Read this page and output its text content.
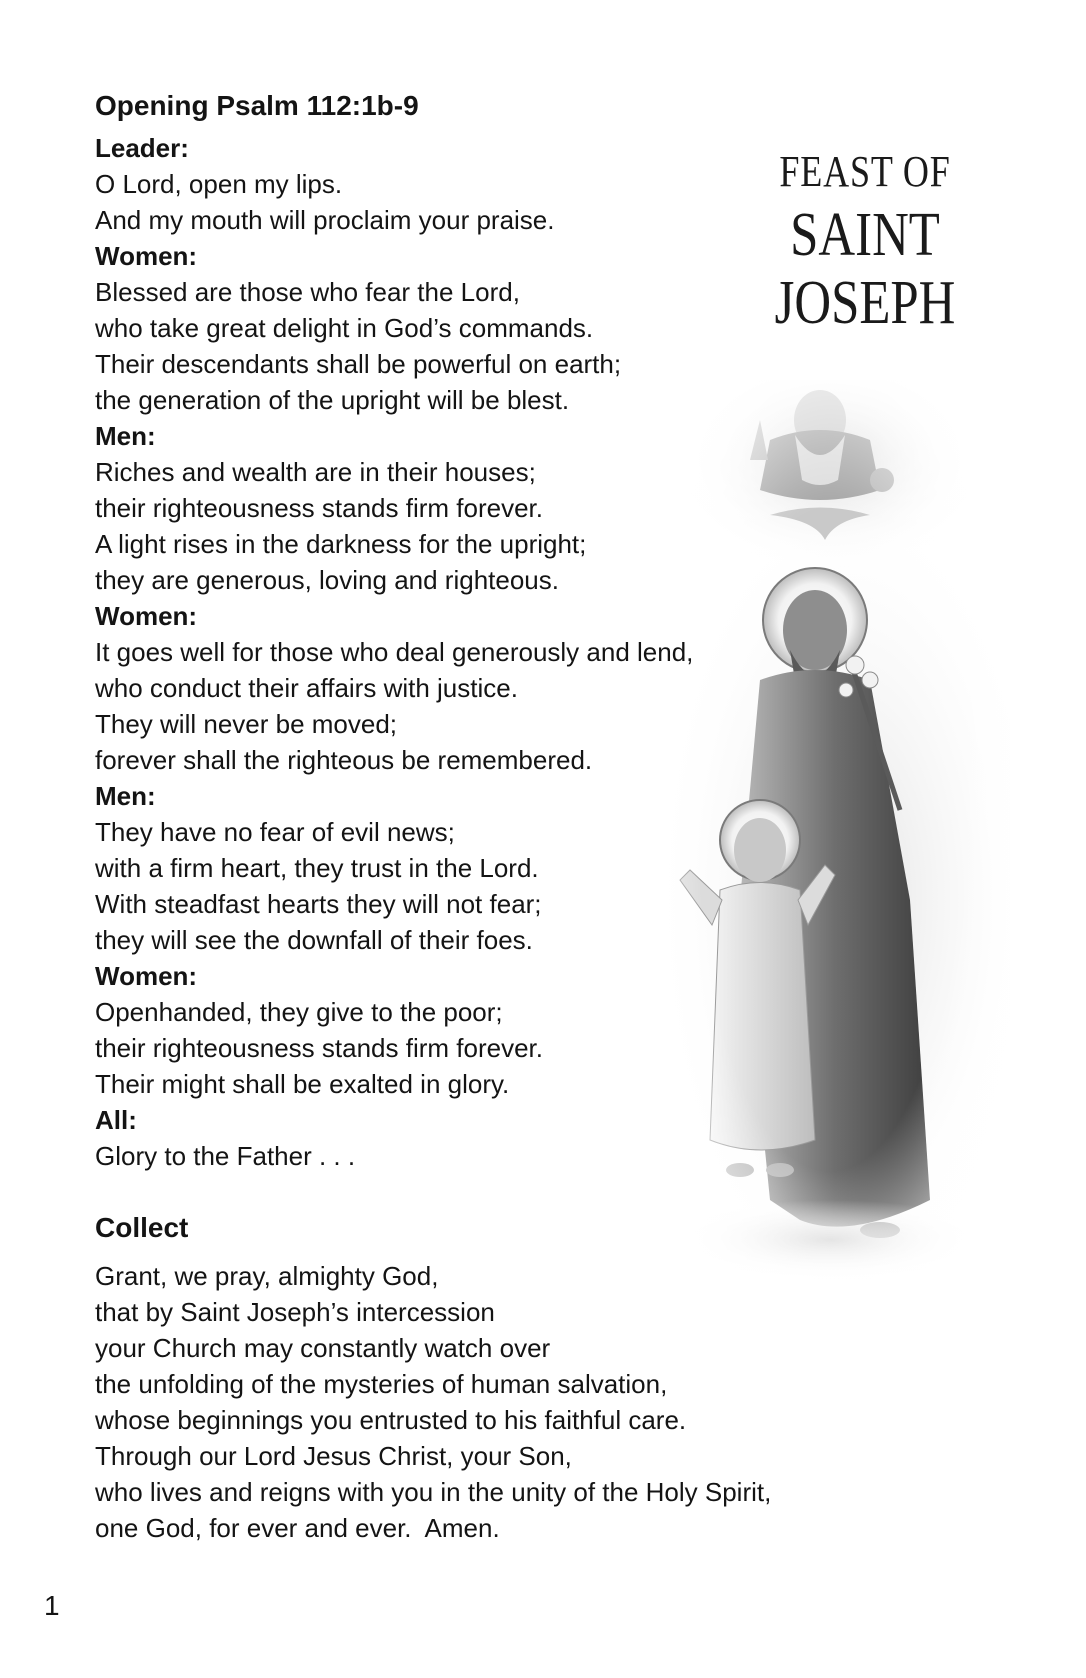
FEAST OF
SAINT
JOSEPH
Opening Psalm 112:1b-9
Leader:
O Lord, open my lips.
And my mouth will proclaim your praise.
Women:
Blessed are those who fear the Lord,
who take great delight in God’s commands.
Their descendants shall be powerful on earth;
the generation of the upright will be blest.
Men:
Riches and wealth are in their houses;
their righteousness stands firm forever.
A light rises in the darkness for the upright;
they are generous, loving and righteous.
Women:
It goes well for those who deal generously and lend,
who conduct their affairs with justice.
They will never be moved;
forever shall the righteous be remembered.
Men:
They have no fear of evil news;
with a firm heart, they trust in the Lord.
With steadfast hearts they will not fear;
they will see the downfall of their foes.
Women:
Openhanded, they give to the poor;
their righteousness stands firm forever.
Their might shall be exalted in glory.
All:
Glory to the Father . . .
Collect
Grant, we pray, almighty God,
that by Saint Joseph’s intercession
your Church may constantly watch over
the unfolding of the mysteries of human salvation,
whose beginnings you entrusted to his faithful care.
Through our Lord Jesus Christ, your Son,
who lives and reigns with you in the unity of the Holy Spirit,
one God, for ever and ever.  Amen.
1
